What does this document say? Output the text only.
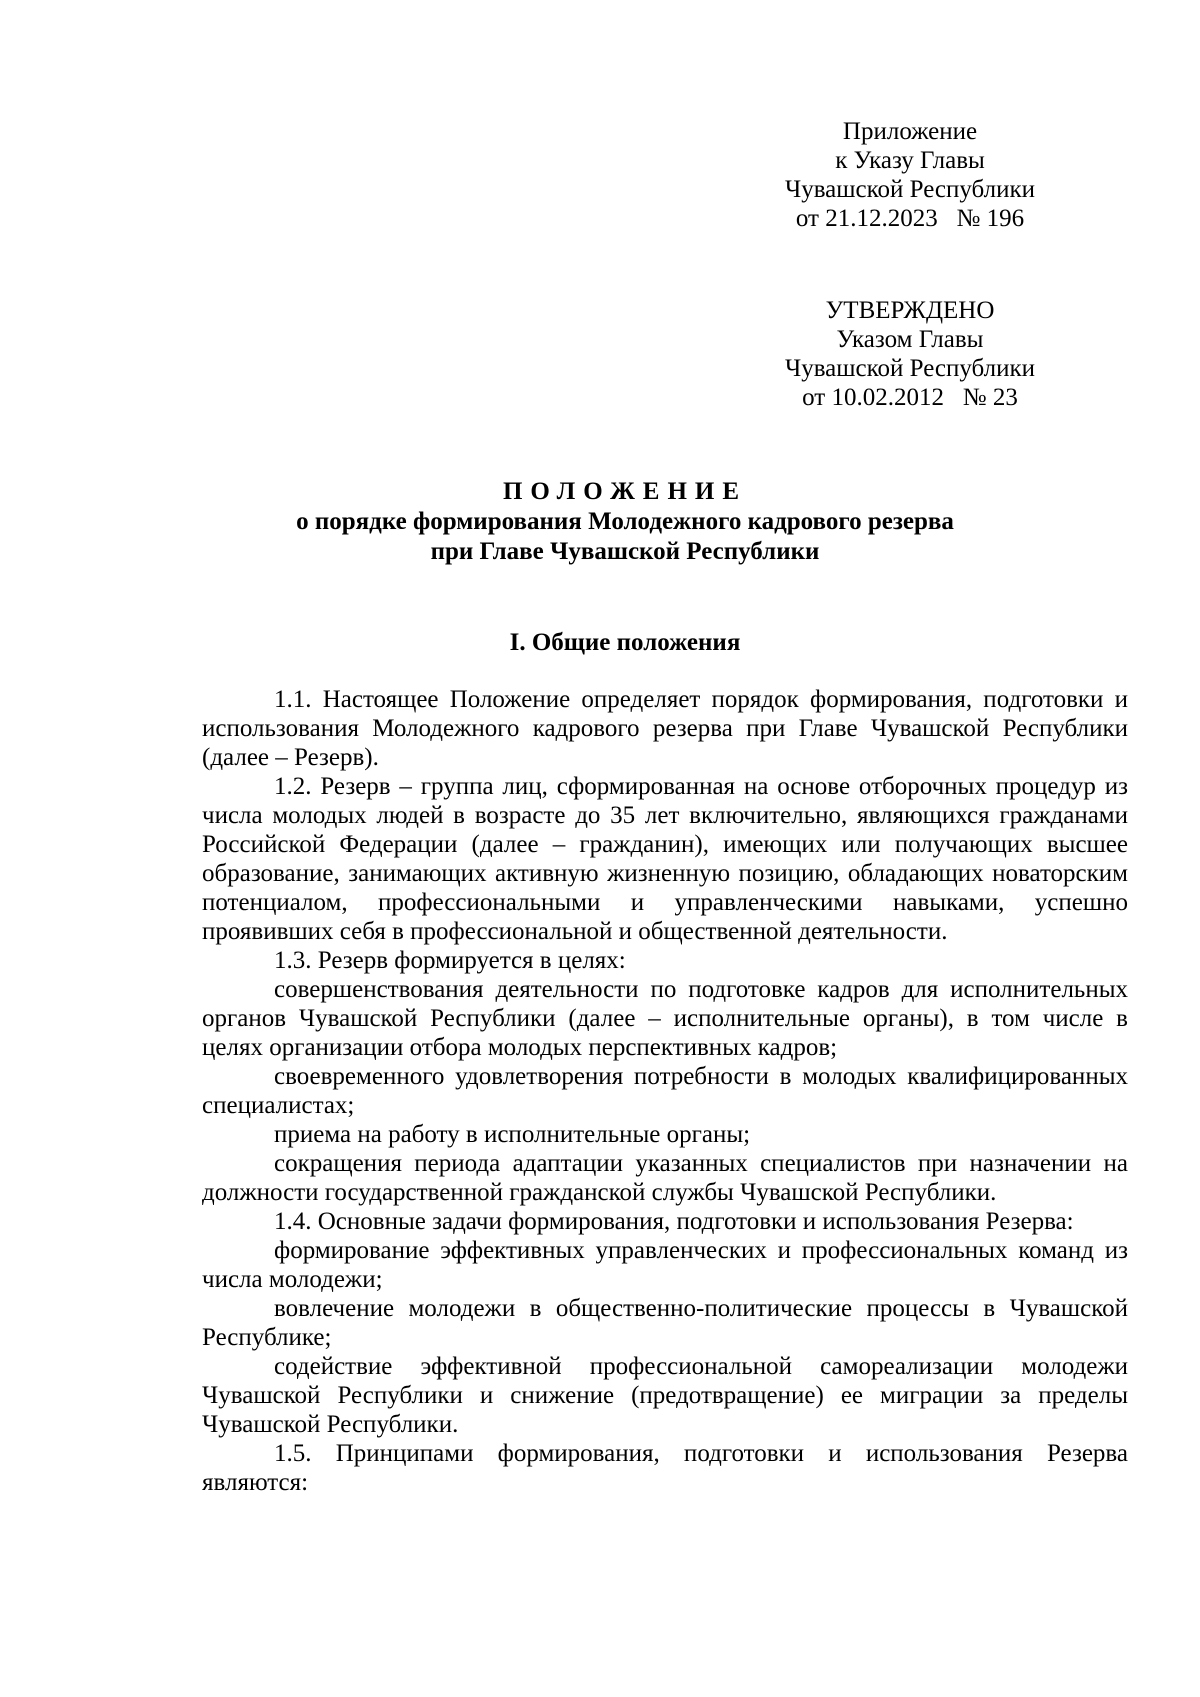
Приложение
к Указу Главы
Чувашской Республики
от 21.12.2023   № 196
УТВЕРЖДЕНО
Указом Главы
Чувашской Республики
от 10.02.2012   № 23
ПОЛОЖЕНИЕ
о порядке формирования Молодежного кадрового резерва
при Главе Чувашской Республики
I. Общие положения

1.1. Настоящее Положение определяет порядок формирования, подготовки и использования Молодежного кадрового резерва при Главе Чувашской Республики (далее – Резерв).

1.2. Резерв – группа лиц, сформированная на основе отборочных процедур из числа молодых людей в возрасте до 35 лет включительно, являющихся гражданами Российской Федерации (далее – гражданин), имеющих или получающих высшее образование, занимающих активную жизненную позицию, обладающих новаторским потенциалом, профессиональными и управленческими навыками, успешно проявивших себя в профессиональной и общественной деятельности.

1.3. Резерв формируется в целях:

совершенствования деятельности по подготовке кадров для исполнительных органов Чувашской Республики (далее – исполнительные органы), в том числе в целях организации отбора молодых перспективных кадров;

своевременного удовлетворения потребности в молодых квалифицированных специалистах;

приема на работу в исполнительные органы;

сокращения периода адаптации указанных специалистов при назначении на должности государственной гражданской службы Чувашской Республики.

1.4. Основные задачи формирования, подготовки и использования Резерва:

формирование эффективных управленческих и профессиональных команд из числа молодежи;

вовлечение молодежи в общественно-политические процессы в Чувашской Республике;

содействие эффективной профессиональной самореализации молодежи Чувашской Республики и снижение (предотвращение) ее миграции за пределы Чувашской Республики.

1.5. Принципами формирования, подготовки и использования Резерва являются:
